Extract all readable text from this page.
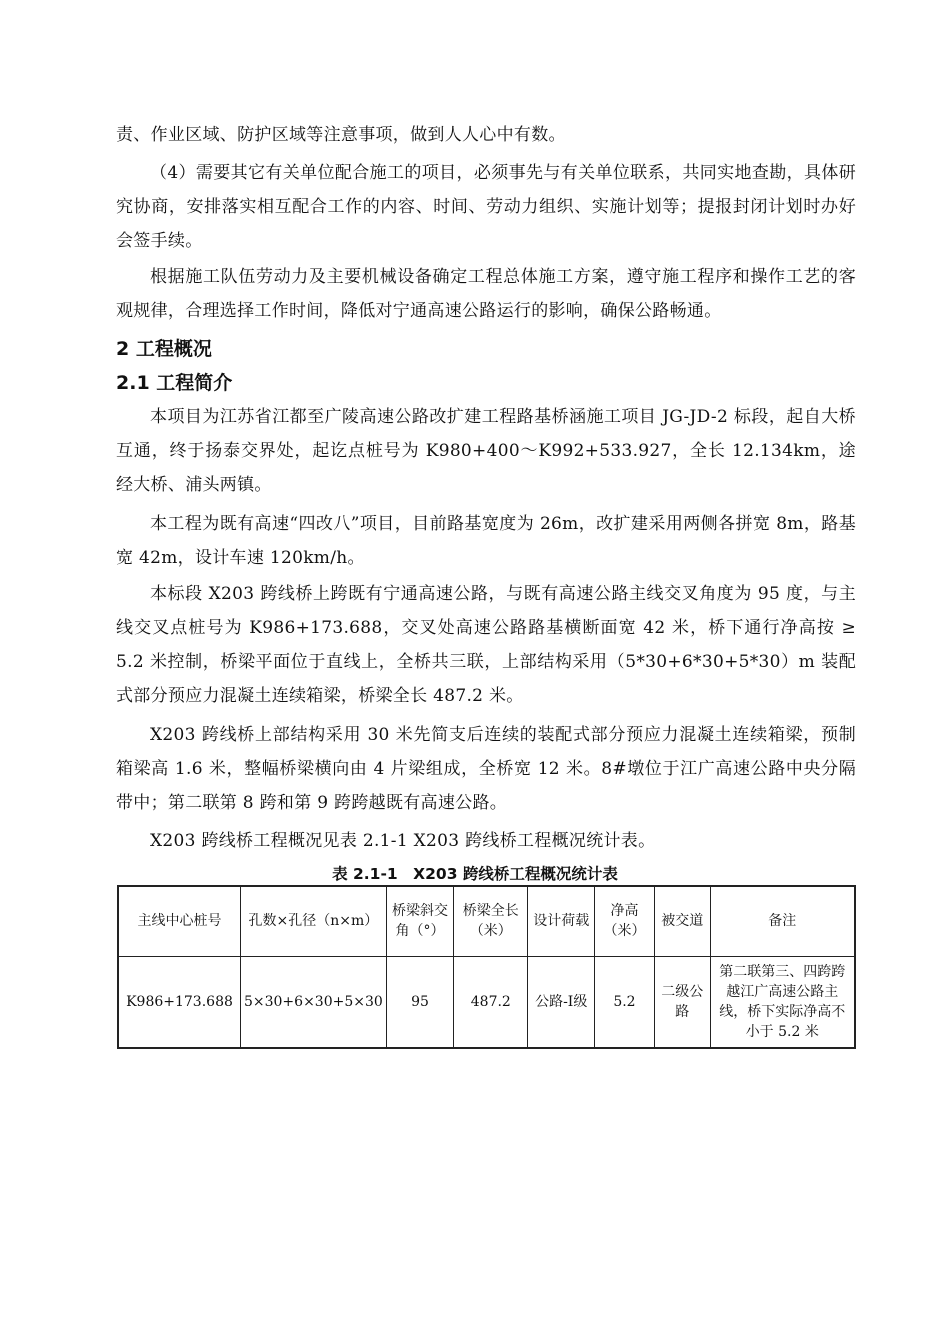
责、作业区域、防护区域等注意事项，做到人人心中有数。

（4）需要其它有关单位配合施工的项目，必须事先与有关单位联系，共同实地查勘，具体研究协商，安排落实相互配合工作的内容、时间、劳动力组织、实施计划等；提报封闭计划时办好会签手续。

根据施工队伍劳动力及主要机械设备确定工程总体施工方案，遵守施工程序和操作工艺的客观规律，合理选择工作时间，降低对宁通高速公路运行的影响，确保公路畅通。

2 工程概况
2.1 工程简介

本项目为江苏省江都至广陵高速公路改扩建工程路基桥涵施工项目 JG-JD-2 标段，起自大桥互通，终于扬泰交界处，起讫点桩号为 K980+400～K992+533.927，全长 12.134km，途经大桥、浦头两镇。

本工程为既有高速“四改八”项目，目前路基宽度为 26m，改扩建采用两侧各拼宽 8m，路基宽 42m，设计车速 120km/h。

本标段 X203 跨线桥上跨既有宁通高速公路，与既有高速公路主线交叉角度为 95 度，与主线交叉点桩号为 K986+173.688，交叉处高速公路路基横断面宽 42 米，桥下通行净高按 ≥ 5.2 米控制，桥梁平面位于直线上，全桥共三联，上部结构采用（5*30+6*30+5*30）m 装配式部分预应力混凝土连续箱梁，桥梁全长 487.2 米。

X203 跨线桥上部结构采用 30 米先简支后连续的装配式部分预应力混凝土连续箱梁，预制箱梁高 1.6 米，整幅桥梁横向由 4 片梁组成，全桥宽 12 米。8#墩位于江广高速公路中央分隔带中；第二联第 8 跨和第 9 跨跨越既有高速公路。

X203 跨线桥工程概况见表 2.1-1 X203 跨线桥工程概况统计表。

表 2.1-1　X203 跨线桥工程概况统计表

主线中心桩号	孔数×孔径（n×m）	桥梁斜交角（°）	桥梁全长（米）	设计荷载	净高（米）	被交道	备注
K986+173.688	5×30+6×30+5×30	95	487.2	公路-I级	5.2	二级公路	第二联第三、四跨跨越江广高速公路主线，桥下实际净高不小于 5.2 米
